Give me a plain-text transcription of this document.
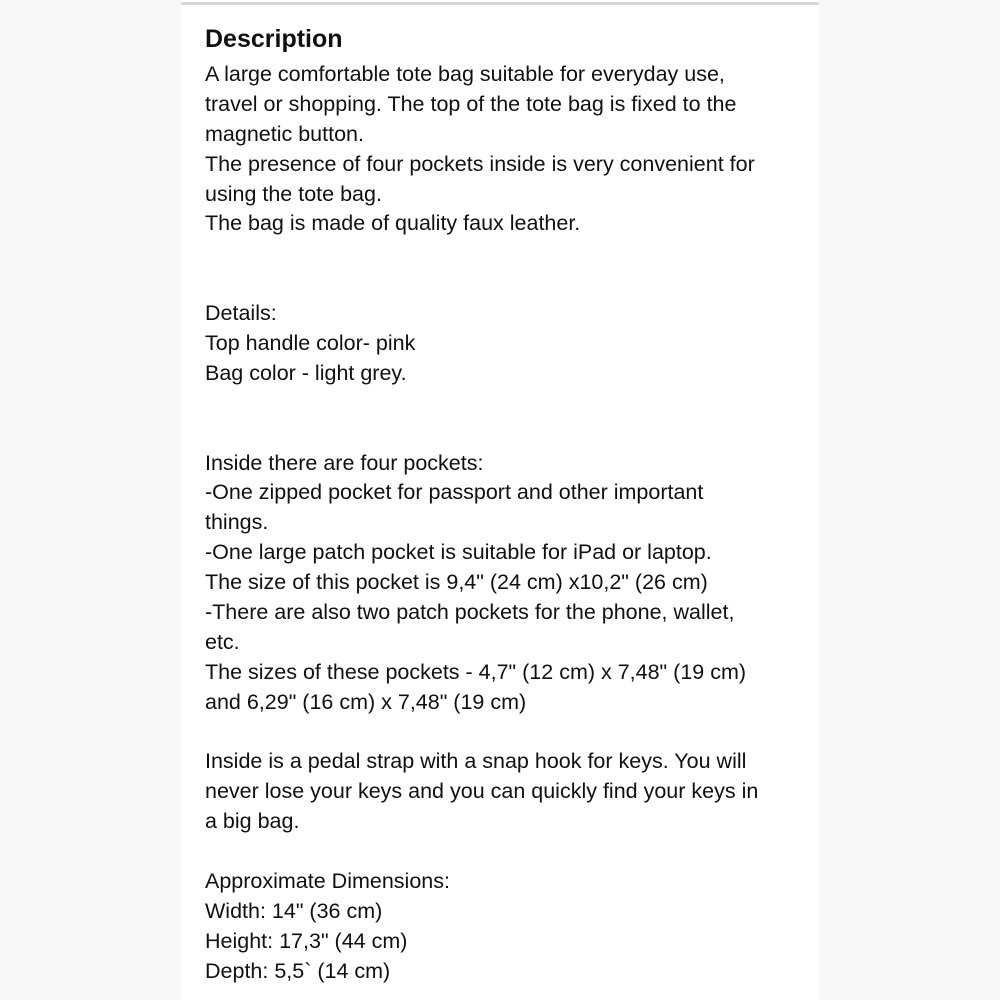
Description
A large comfortable tote bag suitable for everyday use,
travel or shopping. The top of the tote bag is fixed to the
magnetic button.
The presence of four pockets inside is very convenient for
using the tote bag.
The bag is made of quality faux leather.
Details:
Top handle color- pink
Bag color - light grey.
Inside there are four pockets:
-One zipped pocket for passport and other important
things.
-One large patch pocket is suitable for iPad or laptop.
The size of this pocket is 9,4" (24 cm) x10,2" (26 cm)
-There are also two patch pockets for the phone, wallet,
etc.
The sizes of these pockets - 4,7" (12 cm) x 7,48" (19 cm)
and 6,29" (16 cm) x 7,48" (19 cm)
Inside is a pedal strap with a snap hook for keys. You will
never lose your keys and you can quickly find your keys in
a big bag.
Approximate Dimensions:
Width: 14" (36 cm)
Height: 17,3" (44 cm)
Depth: 5,5` (14 cm)
